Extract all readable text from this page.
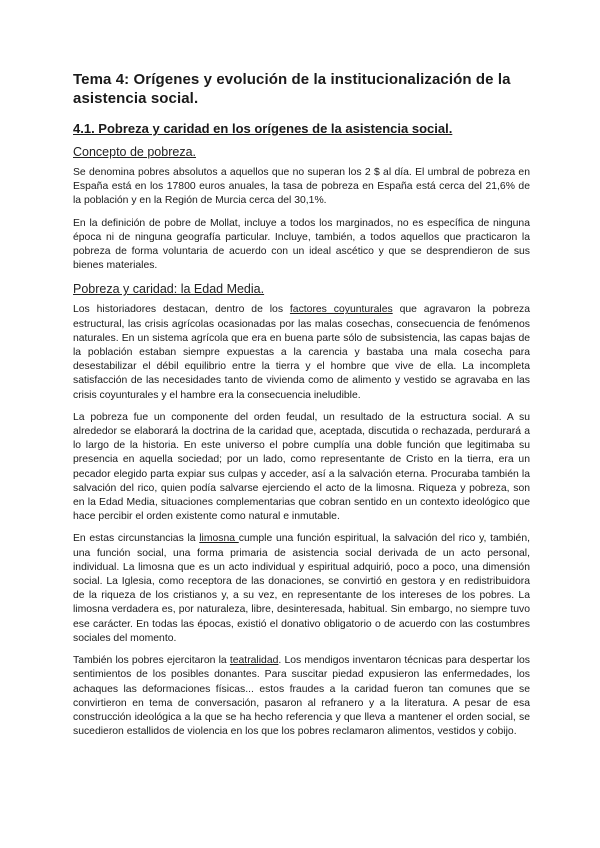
Tema 4: Orígenes y evolución de la institucionalización de la asistencia social.
4.1. Pobreza y caridad en los orígenes de la asistencia social.
Concepto de pobreza.

Se denomina pobres absolutos a aquellos que no superan los 2 $ al día. El umbral de pobreza en España está en los 17800 euros anuales, la tasa de pobreza en España está cerca del 21,6% de la población y en la Región de Murcia cerca del 30,1%.

En la definición de pobre de Mollat, incluye a todos los marginados, no es específica de ninguna época ni de ninguna geografía particular. Incluye, también, a todos aquellos que practicaron la pobreza de forma voluntaria de acuerdo con un ideal ascético y que se desprendieron de sus bienes materiales.

Pobreza y caridad: la Edad Media.

Los historiadores destacan, dentro de los factores coyunturales que agravaron la pobreza estructural, las crisis agrícolas ocasionadas por las malas cosechas, consecuencia de fenómenos naturales. En un sistema agrícola que era en buena parte sólo de subsistencia, las capas bajas de la población estaban siempre expuestas a la carencia y bastaba una mala cosecha para desestabilizar el débil equilibrio entre la tierra y el hombre que vive de ella. La incompleta satisfacción de las necesidades tanto de vivienda como de alimento y vestido se agravaba en las crisis coyunturales y el hambre era la consecuencia ineludible.

La pobreza fue un componente del orden feudal, un resultado de la estructura social. A su alrededor se elaborará la doctrina de la caridad que, aceptada, discutida o rechazada, perdurará a lo largo de la historia. En este universo el pobre cumplía una doble función que legitimaba su presencia en aquella sociedad; por un lado, como representante de Cristo en la tierra, era un pecador elegido parta expiar sus culpas y acceder, así a la salvación eterna. Procuraba también la salvación del rico, quien podía salvarse ejerciendo el acto de la limosna. Riqueza y pobreza, son en la Edad Media, situaciones complementarias que cobran sentido en un contexto ideológico que hace percibir el orden existente como natural e inmutable.

En estas circunstancias la limosna cumple una función espiritual, la salvación del rico y, también, una función social, una forma primaria de asistencia social derivada de un acto personal, individual. La limosna que es un acto individual y espiritual adquirió, poco a poco, una dimensión social. La Iglesia, como receptora de las donaciones, se convirtió en gestora y en redistribuidora de la riqueza de los cristianos y, a su vez, en representante de los intereses de los pobres. La limosna verdadera es, por naturaleza, libre, desinteresada, habitual. Sin embargo, no siempre tuvo ese carácter. En todas las épocas, existió el donativo obligatorio o de acuerdo con las costumbres sociales del momento.

También los pobres ejercitaron la teatralidad. Los mendigos inventaron técnicas para despertar los sentimientos de los posibles donantes. Para suscitar piedad expusieron las enfermedades, los achaques las deformaciones físicas... estos fraudes a la caridad fueron tan comunes que se convirtieron en tema de conversación, pasaron al refranero y a la literatura. A pesar de esa construcción ideológica a la que se ha hecho referencia y que lleva a mantener el orden social, se sucedieron estallidos de violencia en los que los pobres reclamaron alimentos, vestidos y cobijo.
